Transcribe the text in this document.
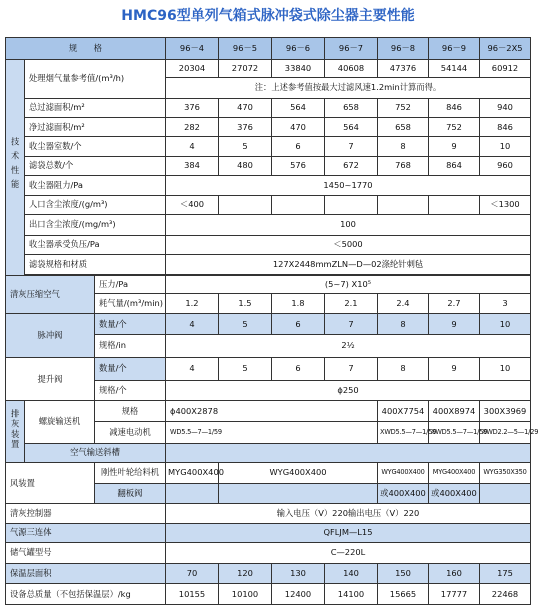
HMC96型单列气箱式脉冲袋式除尘器主要性能
规　　格			96－4	96－5	96－6	96－7	96－8	96－9	96－2X5
技术性能	处理烟气量参考值/(m³/h)		20304	27072	33840	40608	47376	54144	60912
			注：上述参考值按最大过滤风速1.2min计算而得。						
	总过滤面积/m²		376	470	564	658	752	846	940
	净过滤面积/m²		282	376	470	564	658	752	846
	收尘器室数/个		4	5	6	7	8	9	10
	滤袋总数/个		384	480	576	672	768	864	960
	收尘器阻力/Pa		1450~1770						
	人口含尘浓度/(g/m³)		＜400						＜1300
	出口含尘浓度/(mg/m³)		100						
	收尘器承受负压/Pa		＜5000						
	滤袋规格和材质		127X2448mmZLN—D—02涤纶针刺毡						

清灰压缩空气		压力/Pa	(5~7) X10⁵						
		耗气量/(m³/min)	1.2	1.5	1.8	2.1	2.4	2.7	3
脉冲阀		数量/个	4	5	6	7	8	9	10
		规格/in	2½						
提升阀		数量/个	4	5	6	7	8	9	10
		规格/个	ϕ250						
排灰装置	螺旋输送机	规格	ϕ400X2878				400X7754	400X8974	300X3969
		减速电动机	WD5.5—7—1/59				XWD5.5—7—1/59	XWD5.5—7—1/59	XWD2.2—5—1/29
	空气输送斜槽								
风装置		刚性叶轮给料机	MYG400X400	WYG400X400			WYG400X400	MYG400X400	WYG350X350
		翻板阀					或400X400	或400X400	
清灰控制器			输入电压（V）220输出电压（V）220						
气源三连体			QFLJM—L15						
储气罐型号			C—220L						
保温层面积			70	120	130	140	150	160	175
设备总质量（不包括保温层）/kg			10155	10100	12400	14100	15665	17777	22468
